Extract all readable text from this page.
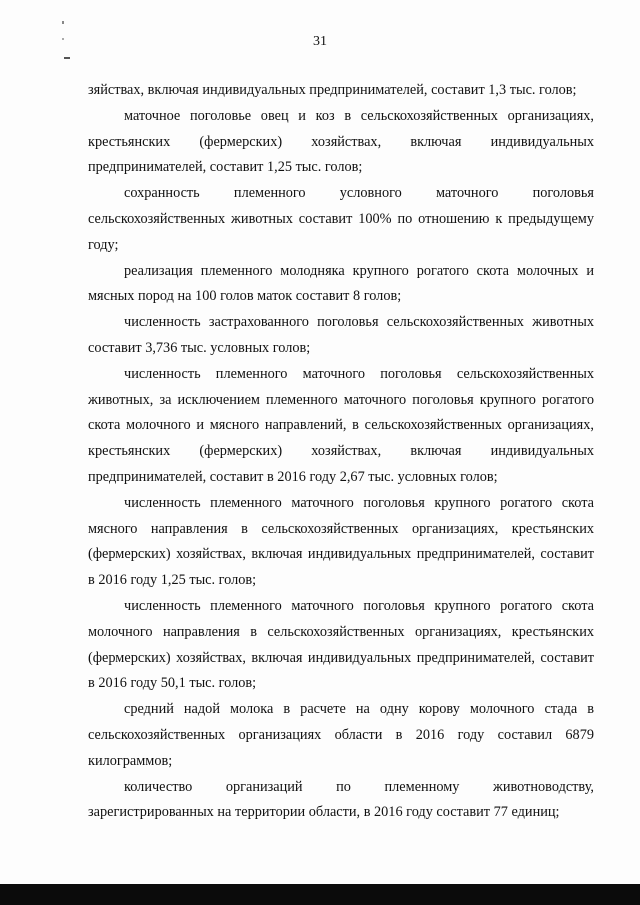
31

зяйствах, включая индивидуальных предпринимателей, составит 1,3 тыс. голов;

маточное поголовье овец и коз в сельскохозяйственных организациях, крестьянских (фермерских) хозяйствах, включая индивидуальных предпринимателей, составит 1,25 тыс. голов;

сохранность племенного условного маточного поголовья сельскохозяйственных животных составит 100% по отношению к предыдущему году;

реализация племенного молодняка крупного рогатого скота молочных и мясных пород на 100 голов маток составит 8 голов;

численность застрахованного поголовья сельскохозяйственных животных составит 3,736 тыс. условных голов;

численность племенного маточного поголовья сельскохозяйственных животных, за исключением племенного маточного поголовья крупного рогатого скота молочного и мясного направлений, в сельскохозяйственных организациях, крестьянских (фермерских) хозяйствах, включая индивидуальных предпринимателей, составит в 2016 году 2,67 тыс. условных голов;

численность племенного маточного поголовья крупного рогатого скота мясного направления в сельскохозяйственных организациях, крестьянских (фермерских) хозяйствах, включая индивидуальных предпринимателей, составит в 2016 году 1,25 тыс. голов;

численность племенного маточного поголовья крупного рогатого скота молочного направления в сельскохозяйственных организациях, крестьянских (фермерских) хозяйствах, включая индивидуальных предпринимателей, составит в 2016 году 50,1 тыс. голов;

средний надой молока в расчете на одну корову молочного стада в сельскохозяйственных организациях области в 2016 году составил 6879 килограммов;

количество организаций по племенному животноводству, зарегистрированных на территории области, в 2016 году составит 77 единиц;
